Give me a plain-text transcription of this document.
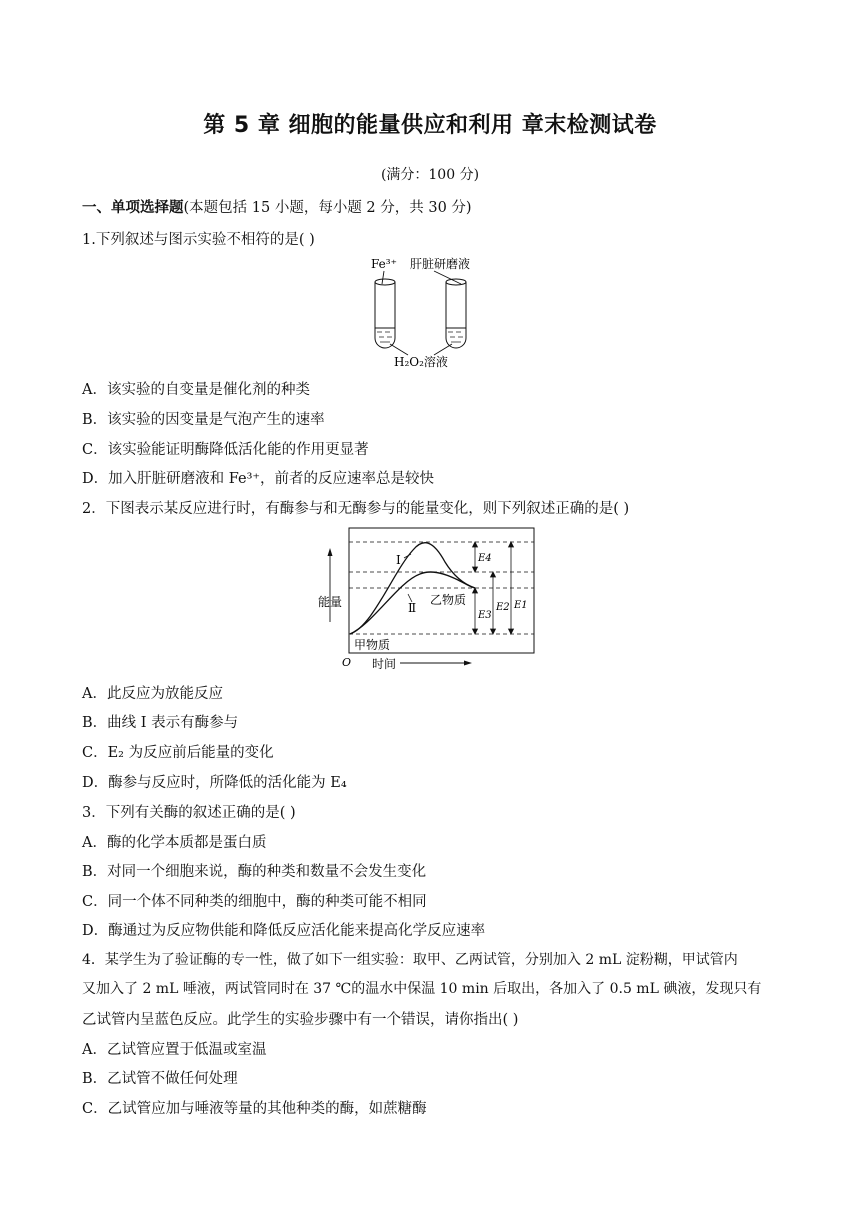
第 5 章 细胞的能量供应和利用 章末检测试卷
(满分：100 分)
一、单项选择题(本题包括 15 小题，每小题 2 分，共 30 分)
1.下列叙述与图示实验不相符的是( )
Fe³⁺ 肝脏研磨液
H₂O₂溶液
A．该实验的自变量是催化剂的种类
B．该实验的因变量是气泡产生的速率
C．该实验能证明酶降低活化能的作用更显著
D．加入肝脏研磨液和 Fe³⁺，前者的反应速率总是较快
2．下图表示某反应进行时，有酶参与和无酶参与的能量变化，则下列叙述正确的是( )
Ⅰ
Ⅱ
乙物质
甲物质
E4
E3
E2 E1
能量
O 时间
A．此反应为放能反应
B．曲线 Ⅰ 表示有酶参与
C．E₂ 为反应前后能量的变化
D．酶参与反应时，所降低的活化能为 E₄
3．下列有关酶的叙述正确的是( )
A．酶的化学本质都是蛋白质
B．对同一个细胞来说，酶的种类和数量不会发生变化
C．同一个体不同种类的细胞中，酶的种类可能不相同
D．酶通过为反应物供能和降低反应活化能来提高化学反应速率
4．某学生为了验证酶的专一性，做了如下一组实验：取甲、乙两试管，分别加入 2 mL 淀粉糊，甲试管内
又加入了 2 mL 唾液，两试管同时在 37 ℃的温水中保温 10 min 后取出，各加入了 0.5 mL 碘液，发现只有
乙试管内呈蓝色反应。此学生的实验步骤中有一个错误，请你指出( )
A．乙试管应置于低温或室温
B．乙试管不做任何处理
C．乙试管应加与唾液等量的其他种类的酶，如蔗糖酶
